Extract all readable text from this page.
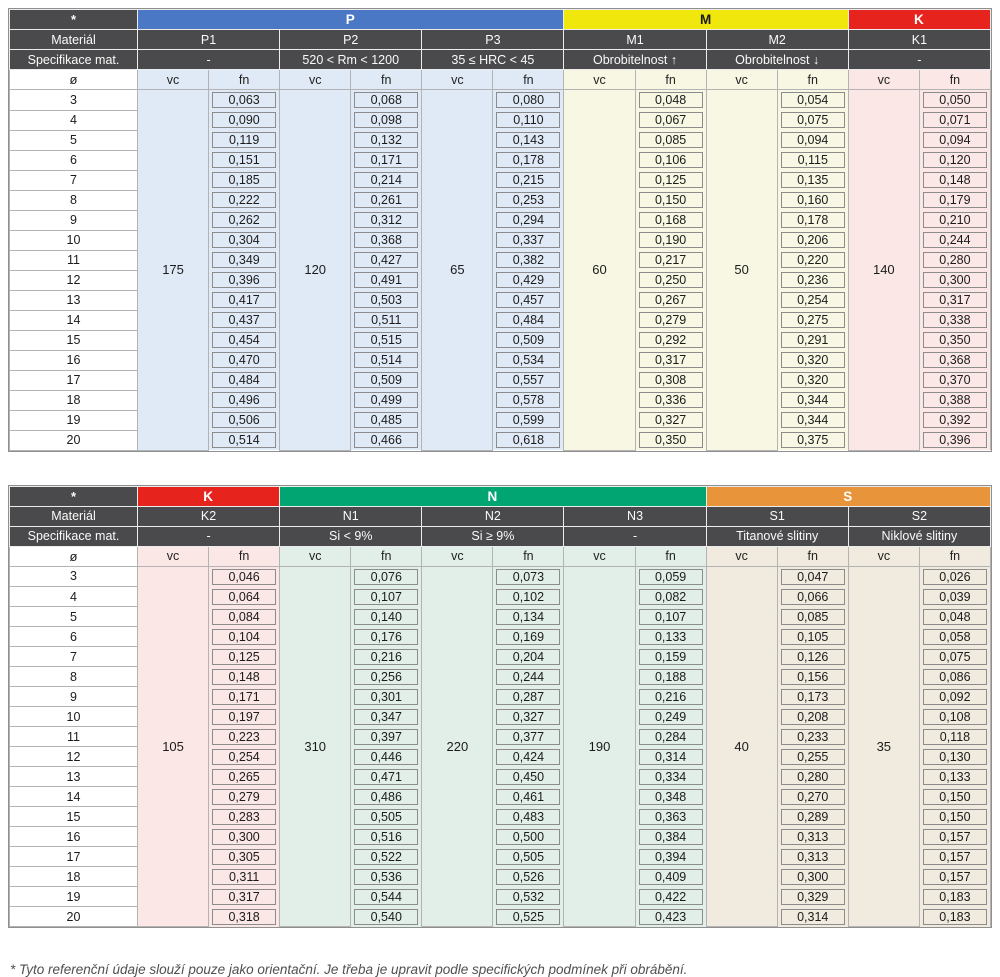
*	P						M				K	
Materiál	P1		P2		P3		M1		M2		K1	
Specifikace mat.	-		520 < Rm < 1200		35 ≤ HRC < 45		Obrobitelnost ↑		Obrobitelnost ↓		-	
ø	vc	fn	vc	fn	vc	fn	vc	fn	vc	fn	vc	fn
3	175	0,063	120	0,068	65	0,080	60	0,048	50	0,054	140	0,050

4		0,090		0,098		0,110		0,067		0,075		0,071

5		0,119		0,132		0,143		0,085		0,094		0,094

6		0,151		0,171		0,178		0,106		0,115		0,120

7		0,185		0,214		0,215		0,125		0,135		0,148

8		0,222		0,261		0,253		0,150		0,160		0,179

9		0,262		0,312		0,294		0,168		0,178		0,210

10		0,304		0,368		0,337		0,190		0,206		0,244

11		0,349		0,427		0,382		0,217		0,220		0,280

12		0,396		0,491		0,429		0,250		0,236		0,300

13		0,417		0,503		0,457		0,267		0,254		0,317

14		0,437		0,511		0,484		0,279		0,275		0,338

15		0,454		0,515		0,509		0,292		0,291		0,350

16		0,470		0,514		0,534		0,317		0,320		0,368

17		0,484		0,509		0,557		0,308		0,320		0,370

18		0,496		0,499		0,578		0,336		0,344		0,388

19		0,506		0,485		0,599		0,327		0,344		0,392

20		0,514		0,466		0,618		0,350		0,375		0,396
*	K		N						S			
Materiál	K2		N1		N2		N3		S1		S2	
Specifikace mat.	-		Si < 9%		Si ≥ 9%		-		Titanové slitiny		Niklové slitiny	
ø	vc	fn	vc	fn	vc	fn	vc	fn	vc	fn	vc	fn
3	105	0,046	310	0,076	220	0,073	190	0,059	40	0,047	35	0,026

4		0,064		0,107		0,102		0,082		0,066		0,039

5		0,084		0,140		0,134		0,107		0,085		0,048

6		0,104		0,176		0,169		0,133		0,105		0,058

7		0,125		0,216		0,204		0,159		0,126		0,075

8		0,148		0,256		0,244		0,188		0,156		0,086

9		0,171		0,301		0,287		0,216		0,173		0,092

10		0,197		0,347		0,327		0,249		0,208		0,108

11		0,223		0,397		0,377		0,284		0,233		0,118

12		0,254		0,446		0,424		0,314		0,255		0,130

13		0,265		0,471		0,450		0,334		0,280		0,133

14		0,279		0,486		0,461		0,348		0,270		0,150

15		0,283		0,505		0,483		0,363		0,289		0,150

16		0,300		0,516		0,500		0,384		0,313		0,157

17		0,305		0,522		0,505		0,394		0,313		0,157

18		0,311		0,536		0,526		0,409		0,300		0,157

19		0,317		0,544		0,532		0,422		0,329		0,183

20		0,318		0,540		0,525		0,423		0,314		0,183
* Tyto referenční údaje slouží pouze jako orientační. Je třeba je upravit podle specifických podmínek při obrábění.
